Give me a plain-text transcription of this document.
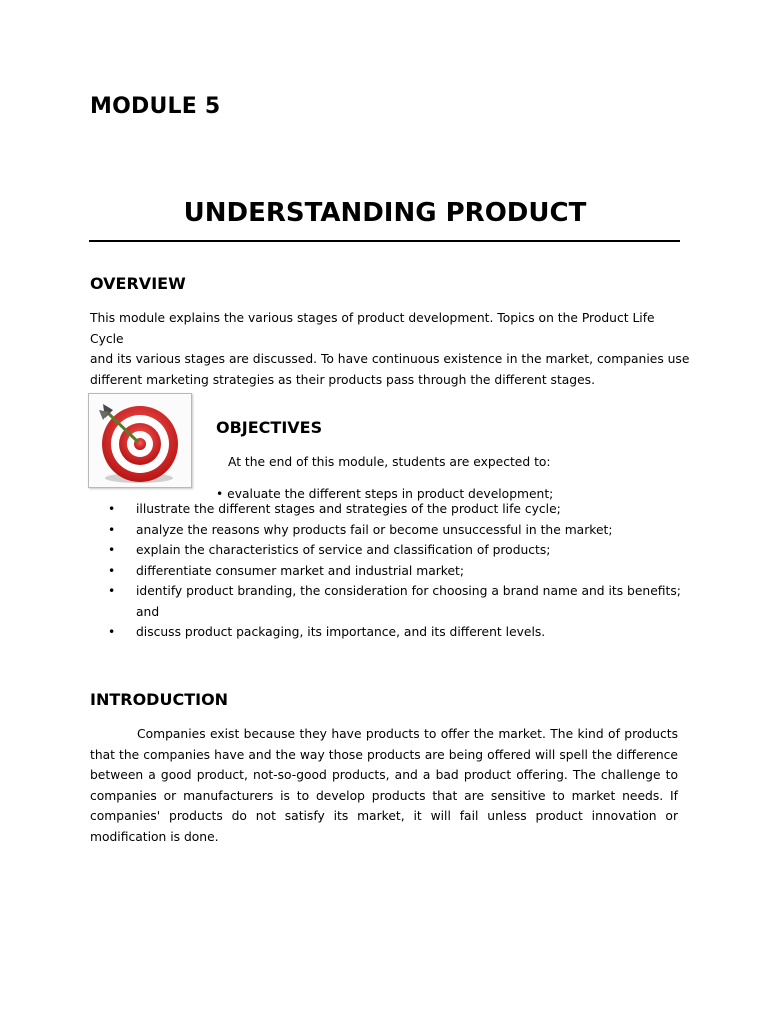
MODULE 5
UNDERSTANDING PRODUCT
OVERVIEW
This module explains the various stages of product development. Topics on the Product Life Cycle
and its various stages are discussed. To have continuous existence in the market, companies use
different marketing strategies as their products pass through the different stages.
OBJECTIVES
At the end of this module, students are expected to:
• evaluate the different steps in product development;
• illustrate the different stages and strategies of the product life cycle;
• analyze the reasons why products fail or become unsuccessful in the market;
• explain the characteristics of service and classification of products;
• differentiate consumer market and industrial market;
• identify product branding, the consideration for choosing a brand name and its benefits; and
• discuss product packaging, its importance, and its different levels.
INTRODUCTION
Companies exist because they have products to offer the market. The kind of products that the companies have and the way those products are being offered will spell the difference between a good product, not-so-good products, and a bad product offering. The challenge to companies or manufacturers is to develop products that are sensitive to market needs. If companies' products do not satisfy its market, it will fail unless product innovation or modification is done.
